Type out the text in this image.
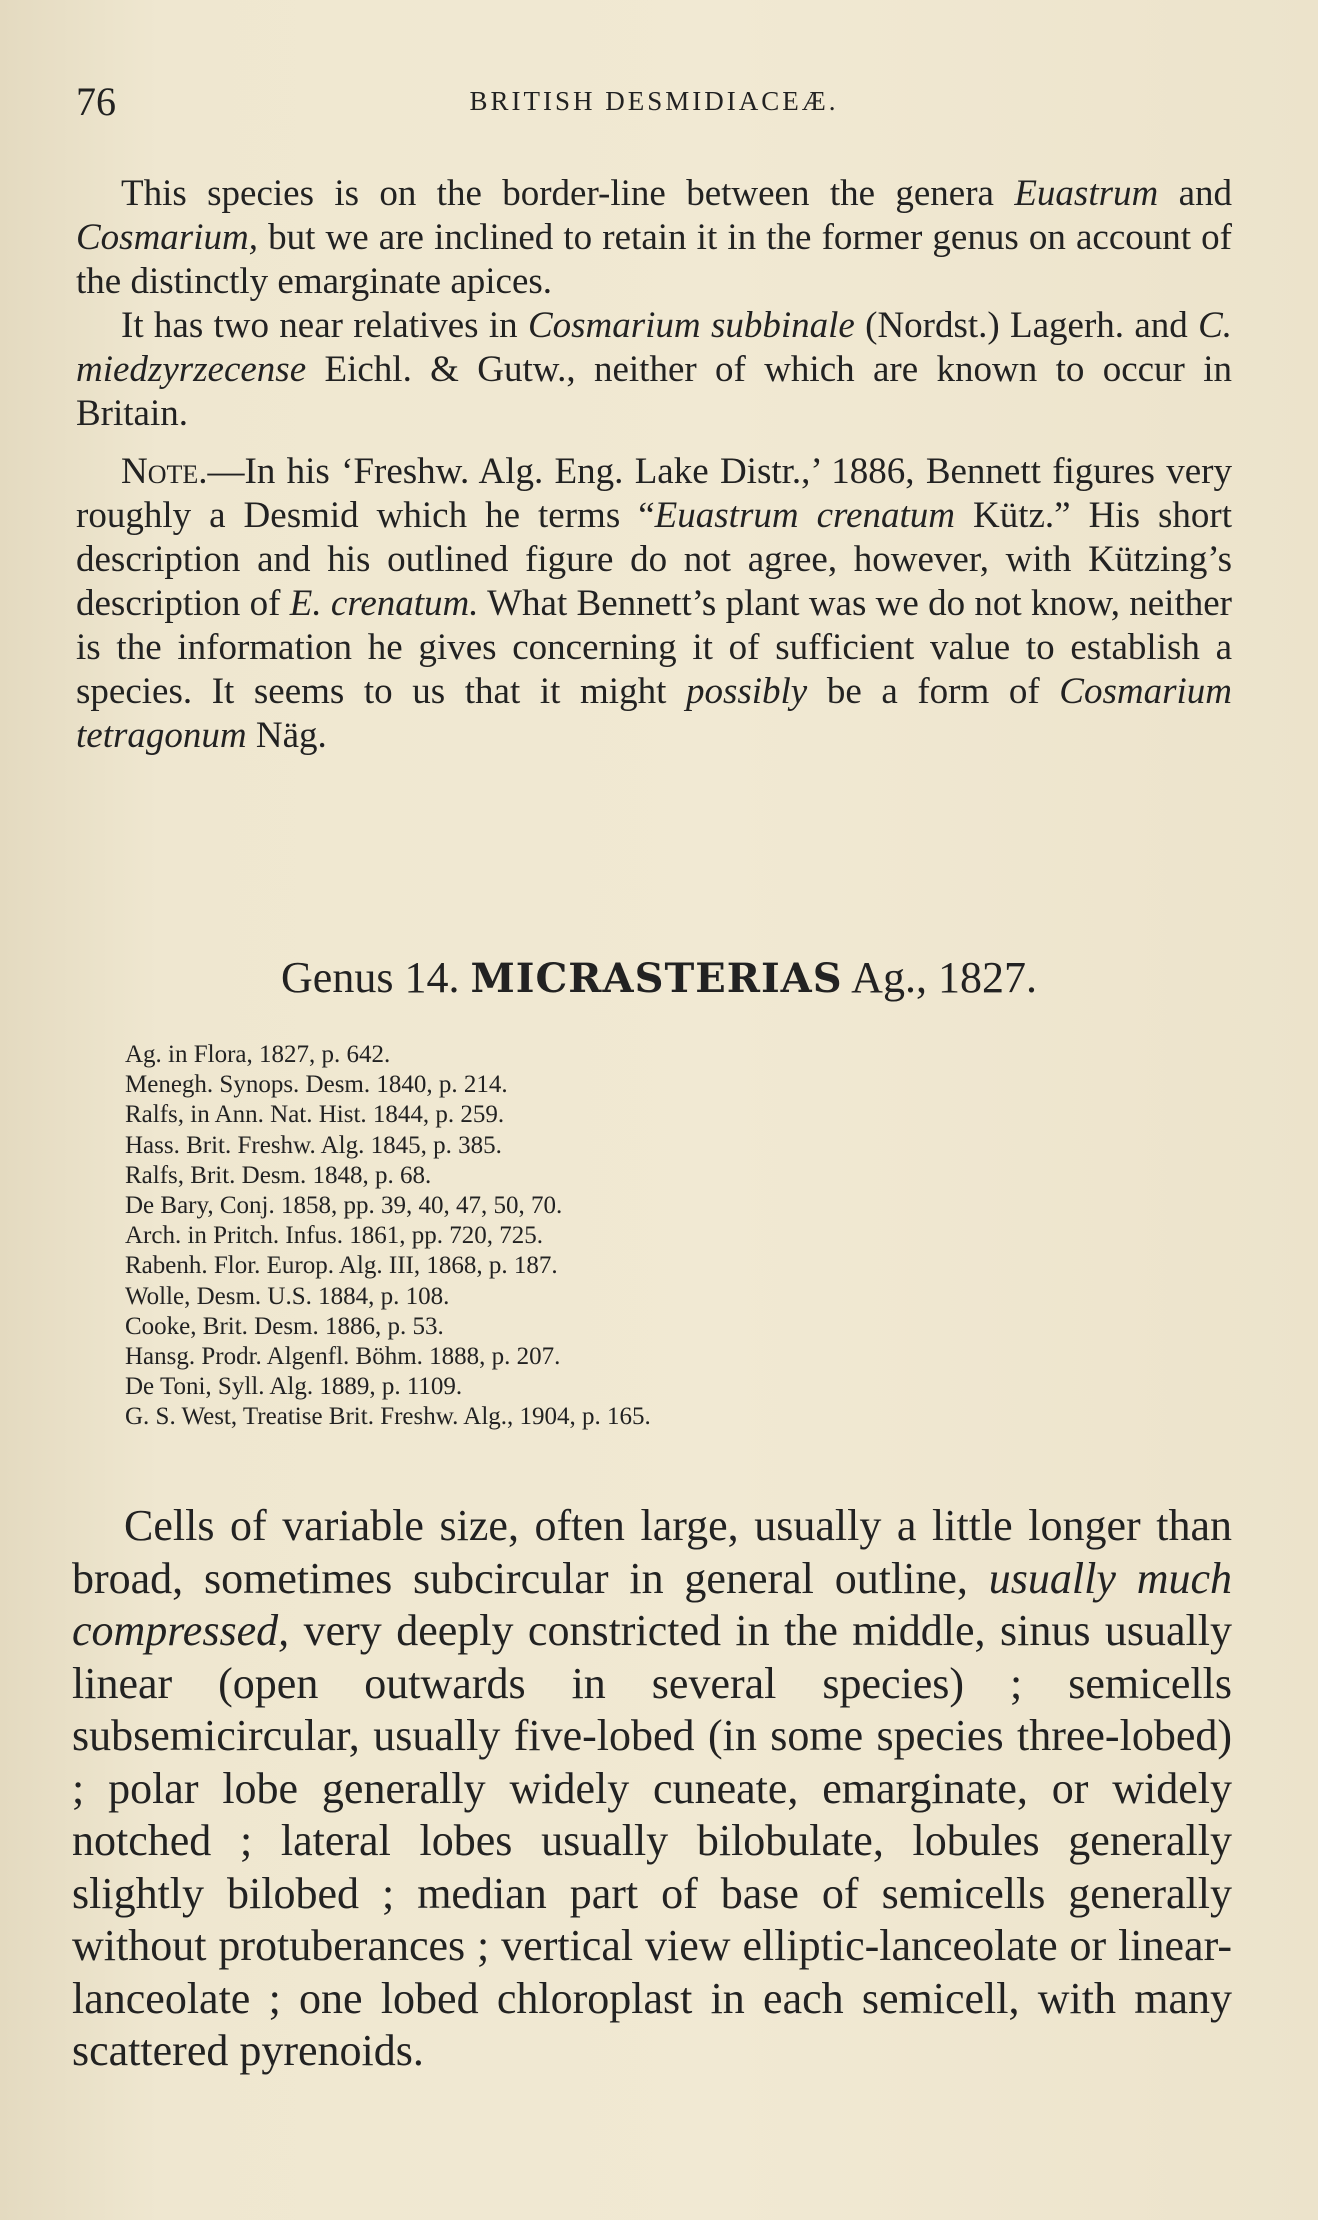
76	BRITISH DESMIDIACEÆ.

This species is on the border-line between the genera Euastrum and Cosmarium, but we are inclined to retain it in the former genus on account of the distinctly emarginate apices.

It has two near relatives in Cosmarium subbinale (Nordst.) Lagerh. and C. miedzyrzecense Eichl. & Gutw., neither of which are known to occur in Britain.

Note.—In his ‘Freshw. Alg. Eng. Lake Distr.,’ 1886, Bennett figures very roughly a Desmid which he terms “Euastrum crenatum Kütz.” His short description and his outlined figure do not agree, however, with Kützing’s description of E. crenatum. What Bennett’s plant was we do not know, neither is the information he gives concerning it of sufficient value to establish a species. It seems to us that it might possibly be a form of Cosmarium tetragonum Näg.

Genus 14. MICRASTERIAS Ag., 1827.
Ag. in Flora, 1827, p. 642.
Menegh. Synops. Desm. 1840, p. 214.
Ralfs, in Ann. Nat. Hist. 1844, p. 259.
Hass. Brit. Freshw. Alg. 1845, p. 385.
Ralfs, Brit. Desm. 1848, p. 68.
De Bary, Conj. 1858, pp. 39, 40, 47, 50, 70.
Arch. in Pritch. Infus. 1861, pp. 720, 725.
Rabenh. Flor. Europ. Alg. III, 1868, p. 187.
Wolle, Desm. U.S. 1884, p. 108.
Cooke, Brit. Desm. 1886, p. 53.
Hansg. Prodr. Algenfl. Böhm. 1888, p. 207.
De Toni, Syll. Alg. 1889, p. 1109.
G. S. West, Treatise Brit. Freshw. Alg., 1904, p. 165.

Cells of variable size, often large, usually a little longer than broad, sometimes subcircular in general outline, usually much compressed, very deeply constricted in the middle, sinus usually linear (open outwards in several species) ; semicells subsemicircular, usually five-lobed (in some species three-lobed) ; polar lobe generally widely cuneate, emarginate, or widely notched ; lateral lobes usually bilobulate, lobules generally slightly bilobed ; median part of base of semicells generally without protuberances ; vertical view elliptic-lanceolate or linear-lanceolate ; one lobed chloroplast in each semicell, with many scattered pyrenoids.
